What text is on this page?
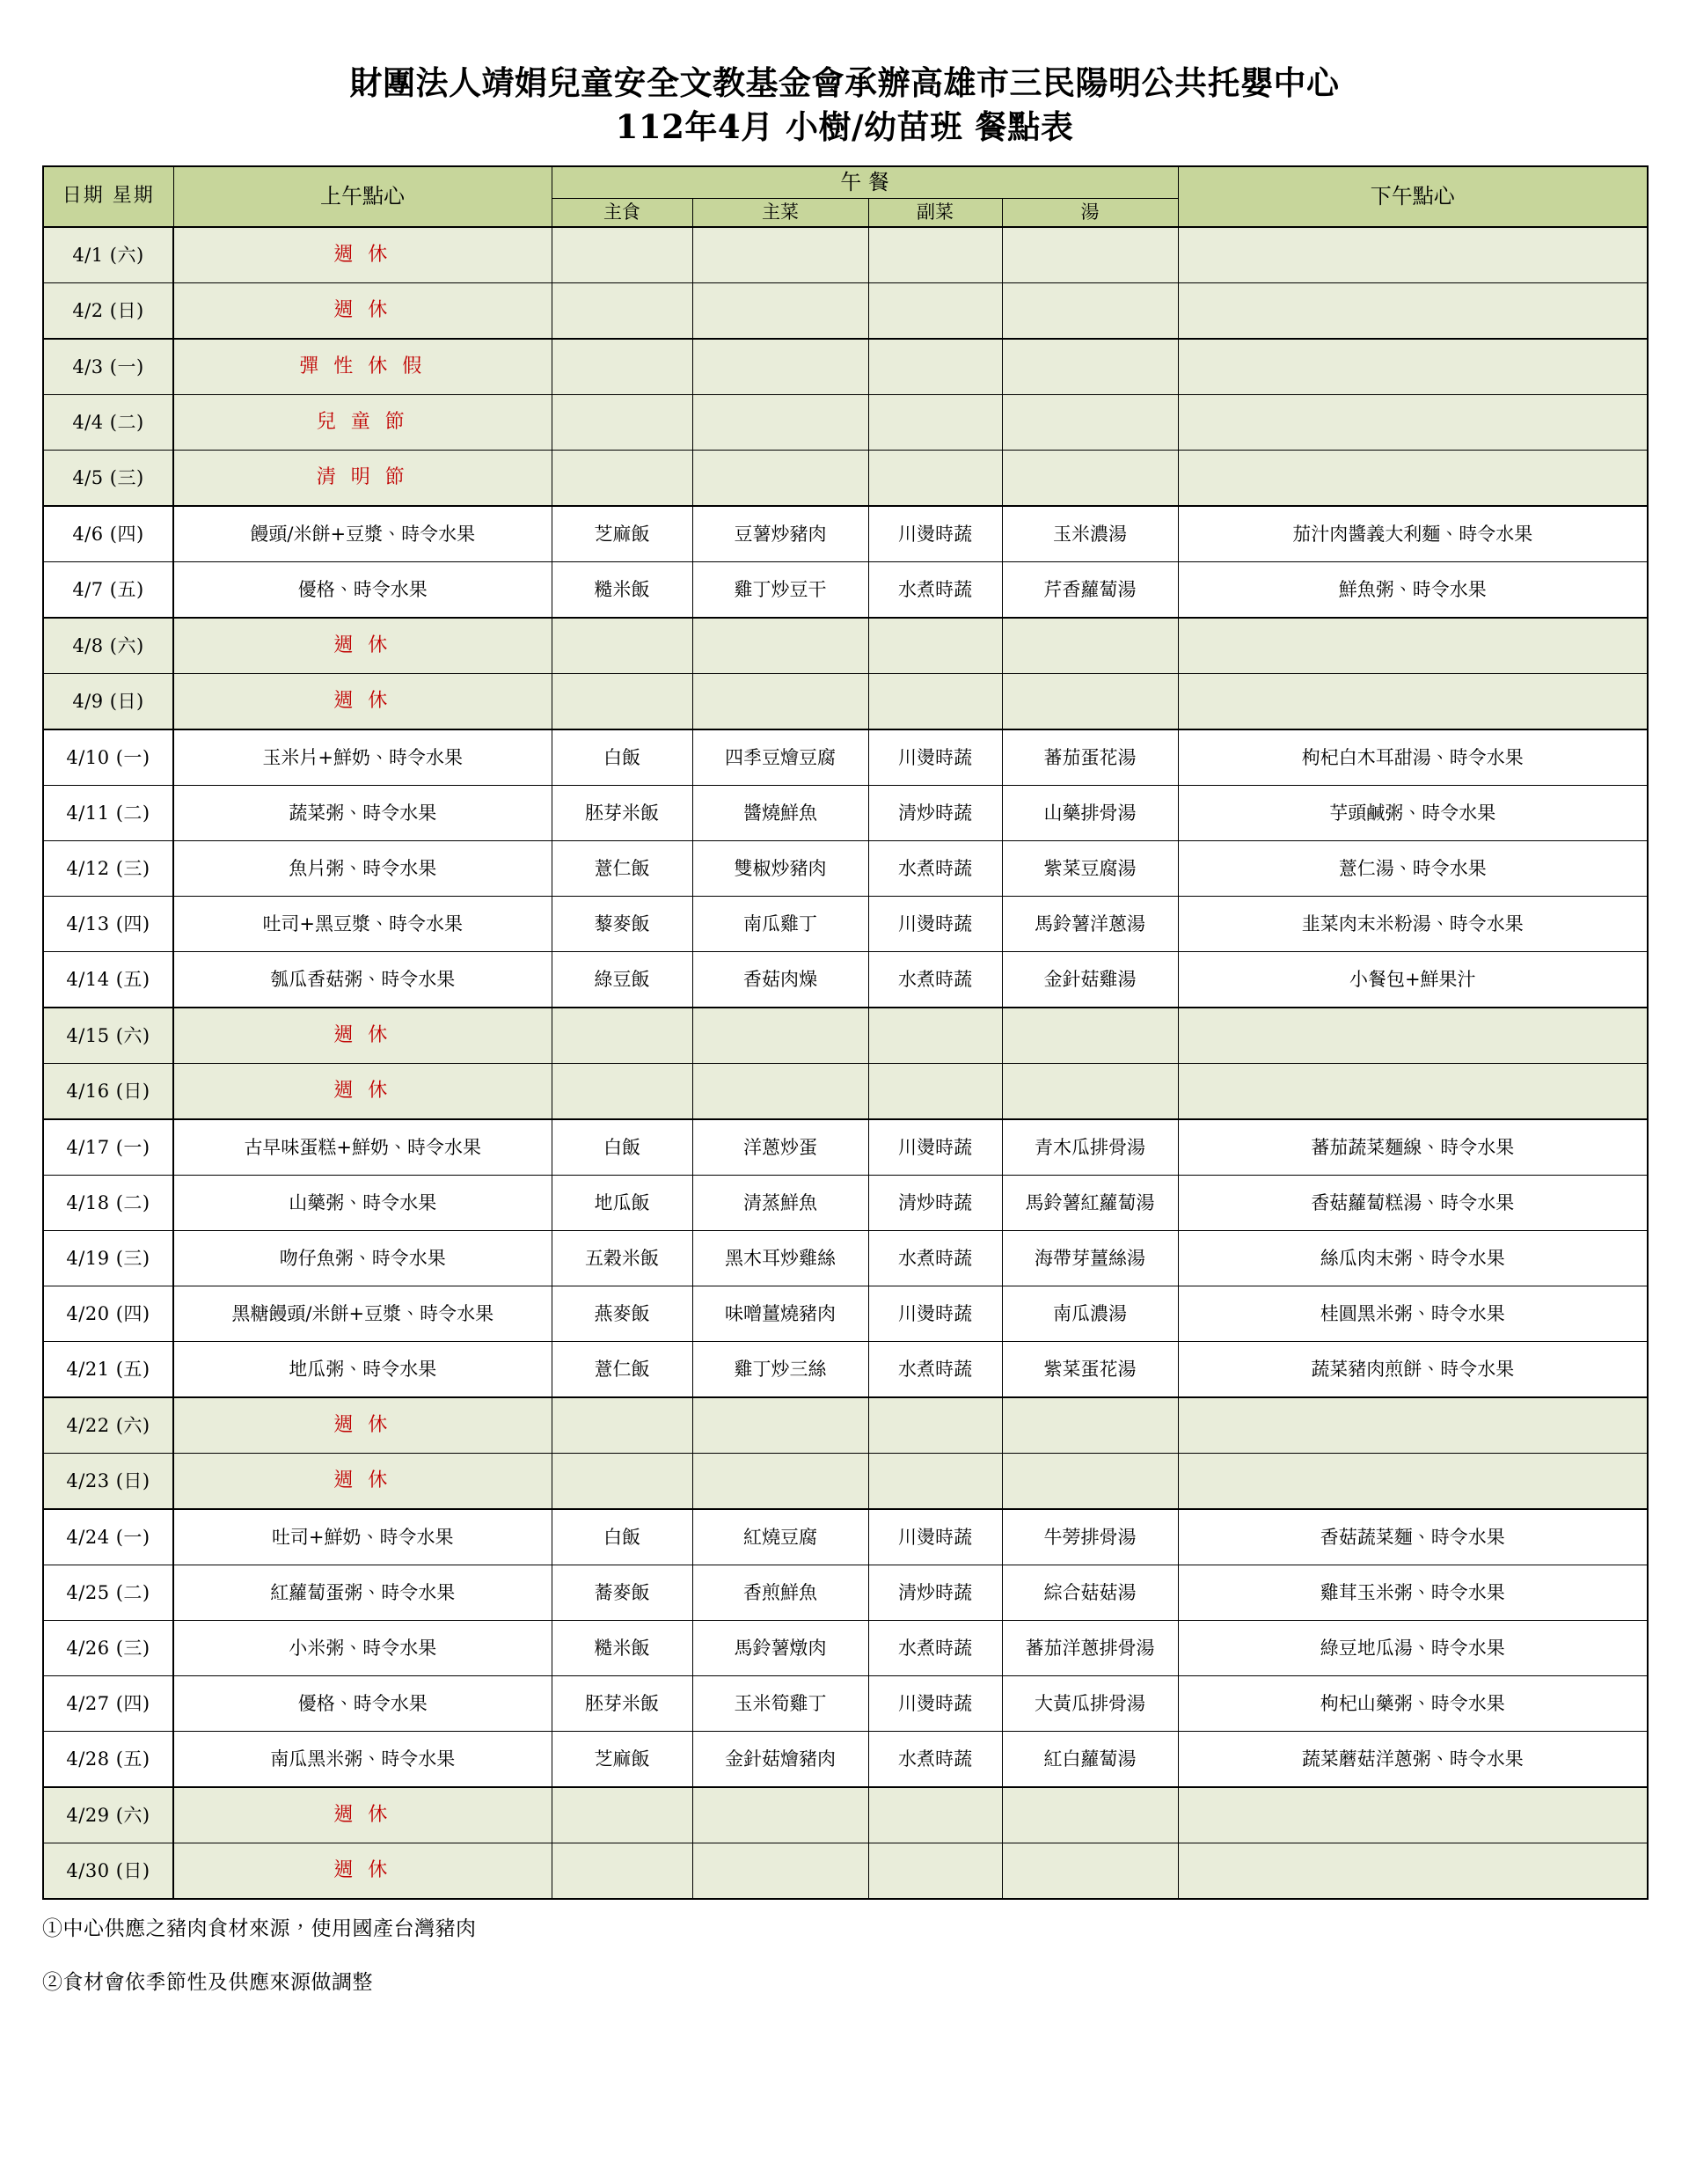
財團法人靖娟兒童安全文教基金會承辦高雄市三民陽明公共托嬰中心
112年4月 小樹/幼苗班 餐點表
日期 星期	上午點心	午 餐				下午點心
		主食	主菜	副菜	湯	
4/1 (六)	週 休					
4/2 (日)	週 休					
4/3 (一)	彈 性 休 假					
4/4 (二)	兒 童 節					
4/5 (三)	清 明 節					
4/6 (四)	饅頭/米餅+豆漿、時令水果	芝麻飯	豆薯炒豬肉	川燙時蔬	玉米濃湯	茄汁肉醬義大利麵、時令水果
4/7 (五)	優格、時令水果	糙米飯	雞丁炒豆干	水煮時蔬	芹香蘿蔔湯	鮮魚粥、時令水果
4/8 (六)	週 休					
4/9 (日)	週 休					
4/10 (一)	玉米片+鮮奶、時令水果	白飯	四季豆燴豆腐	川燙時蔬	蕃茄蛋花湯	枸杞白木耳甜湯、時令水果
4/11 (二)	蔬菜粥、時令水果	胚芽米飯	醬燒鮮魚	清炒時蔬	山藥排骨湯	芋頭鹹粥、時令水果
4/12 (三)	魚片粥、時令水果	薏仁飯	雙椒炒豬肉	水煮時蔬	紫菜豆腐湯	薏仁湯、時令水果
4/13 (四)	吐司+黑豆漿、時令水果	藜麥飯	南瓜雞丁	川燙時蔬	馬鈴薯洋蔥湯	韭菜肉末米粉湯、時令水果
4/14 (五)	瓠瓜香菇粥、時令水果	綠豆飯	香菇肉燥	水煮時蔬	金針菇雞湯	小餐包+鮮果汁
4/15 (六)	週 休					
4/16 (日)	週 休					
4/17 (一)	古早味蛋糕+鮮奶、時令水果	白飯	洋蔥炒蛋	川燙時蔬	青木瓜排骨湯	蕃茄蔬菜麵線、時令水果
4/18 (二)	山藥粥、時令水果	地瓜飯	清蒸鮮魚	清炒時蔬	馬鈴薯紅蘿蔔湯	香菇蘿蔔糕湯、時令水果
4/19 (三)	吻仔魚粥、時令水果	五穀米飯	黑木耳炒雞絲	水煮時蔬	海帶芽薑絲湯	絲瓜肉末粥、時令水果
4/20 (四)	黑糖饅頭/米餅+豆漿、時令水果	燕麥飯	味噌薑燒豬肉	川燙時蔬	南瓜濃湯	桂圓黑米粥、時令水果
4/21 (五)	地瓜粥、時令水果	薏仁飯	雞丁炒三絲	水煮時蔬	紫菜蛋花湯	蔬菜豬肉煎餅、時令水果
4/22 (六)	週 休					
4/23 (日)	週 休					
4/24 (一)	吐司+鮮奶、時令水果	白飯	紅燒豆腐	川燙時蔬	牛蒡排骨湯	香菇蔬菜麵、時令水果
4/25 (二)	紅蘿蔔蛋粥、時令水果	蕎麥飯	香煎鮮魚	清炒時蔬	綜合菇菇湯	雞茸玉米粥、時令水果
4/26 (三)	小米粥、時令水果	糙米飯	馬鈴薯燉肉	水煮時蔬	蕃茄洋蔥排骨湯	綠豆地瓜湯、時令水果
4/27 (四)	優格、時令水果	胚芽米飯	玉米筍雞丁	川燙時蔬	大黃瓜排骨湯	枸杞山藥粥、時令水果
4/28 (五)	南瓜黑米粥、時令水果	芝麻飯	金針菇燴豬肉	水煮時蔬	紅白蘿蔔湯	蔬菜蘑菇洋蔥粥、時令水果
4/29 (六)	週 休					
4/30 (日)	週 休					
①中心供應之豬肉食材來源，使用國產台灣豬肉
②食材會依季節性及供應來源做調整
